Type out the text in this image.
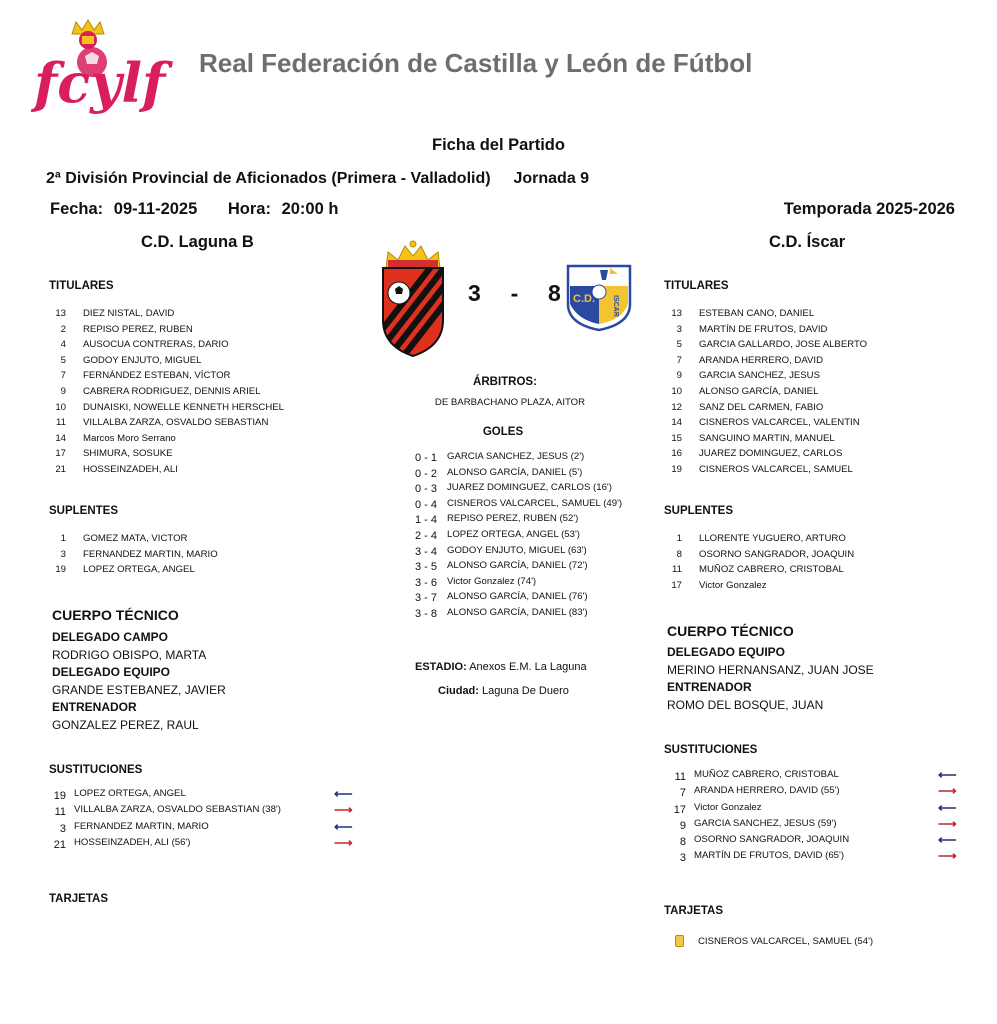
fcylf Real Federación de Castilla y León de Fútbol
Ficha del Partido
2ª División Provincial de Aficionados (Primera - Valladolid) Jornada 9
Fecha: 09-11-2025 Hora: 20:00 h	Temporada 2025-2026
C.D. Laguna B	C.D. Íscar
3 - 8 C.D. ISCAR
ÁRBITROS:
DE BARBACHANO PLAZA, AITOR
GOLES
0 - 1 GARCIA SANCHEZ, JESUS (2')
0 - 2 ALONSO GARCÍA, DANIEL (5')
0 - 3 JUAREZ DOMINGUEZ, CARLOS (16')
0 - 4 CISNEROS VALCARCEL, SAMUEL (49')
1 - 4 REPISO PEREZ, RUBEN (52')
2 - 4 LOPEZ ORTEGA, ANGEL (53')
3 - 4 GODOY ENJUTO, MIGUEL (63')
3 - 5 ALONSO GARCÍA, DANIEL (72')
3 - 6 Victor Gonzalez (74')
3 - 7 ALONSO GARCÍA, DANIEL (76')
3 - 8 ALONSO GARCÍA, DANIEL (83')
ESTADIO: Anexos E.M. La Laguna
Ciudad: Laguna De Duero
TITULARES
13 DIEZ NISTAL, DAVID
2 REPISO PEREZ, RUBEN
4 AUSOCUA CONTRERAS, DARIO
5 GODOY ENJUTO, MIGUEL
7 FERNÁNDEZ ESTEBAN, VÍCTOR
9 CABRERA RODRIGUEZ, DENNIS ARIEL
10 DUNAISKI, NOWELLE KENNETH HERSCHEL
11 VILLALBA ZARZA, OSVALDO SEBASTIAN
14 Marcos Moro Serrano
17 SHIMURA, SOSUKE
21 HOSSEINZADEH, ALI
SUPLENTES
1 GOMEZ MATA, VICTOR
3 FERNANDEZ MARTIN, MARIO
19 LOPEZ ORTEGA, ANGEL
CUERPO TÉCNICO
DELEGADO CAMPO
RODRIGO OBISPO, MARTA
DELEGADO EQUIPO
GRANDE ESTEBANEZ, JAVIER
ENTRENADOR
GONZALEZ PEREZ, RAUL
SUSTITUCIONES
19 LOPEZ ORTEGA, ANGEL	⟵
11 VILLALBA ZARZA, OSVALDO SEBASTIAN (38')	⟶
3 FERNANDEZ MARTIN, MARIO	⟵
21 HOSSEINZADEH, ALI (56')	⟶
TARJETAS
TITULARES
13 ESTEBAN CANO, DANIEL
3 MARTÍN DE FRUTOS, DAVID
5 GARCIA GALLARDO, JOSE ALBERTO
7 ARANDA HERRERO, DAVID
9 GARCIA SANCHEZ, JESUS
10 ALONSO GARCÍA, DANIEL
12 SANZ DEL CARMEN, FABIO
14 CISNEROS VALCARCEL, VALENTIN
15 SANGUINO MARTIN, MANUEL
16 JUAREZ DOMINGUEZ, CARLOS
19 CISNEROS VALCARCEL, SAMUEL
SUPLENTES
1 LLORENTE YUGUERO, ARTURO
8 OSORNO SANGRADOR, JOAQUIN
11 MUÑOZ CABRERO, CRISTOBAL
17 Victor Gonzalez
CUERPO TÉCNICO
DELEGADO EQUIPO
MERINO HERNANSANZ, JUAN JOSE
ENTRENADOR
ROMO DEL BOSQUE, JUAN
SUSTITUCIONES
11 MUÑOZ CABRERO, CRISTOBAL	⟵
7 ARANDA HERRERO, DAVID (55')	⟶
17 Victor Gonzalez	⟵
9 GARCIA SANCHEZ, JESUS (59')	⟶
8 OSORNO SANGRADOR, JOAQUIN	⟵
3 MARTÍN DE FRUTOS, DAVID (65')	⟶
TARJETAS
CISNEROS VALCARCEL, SAMUEL (54')
